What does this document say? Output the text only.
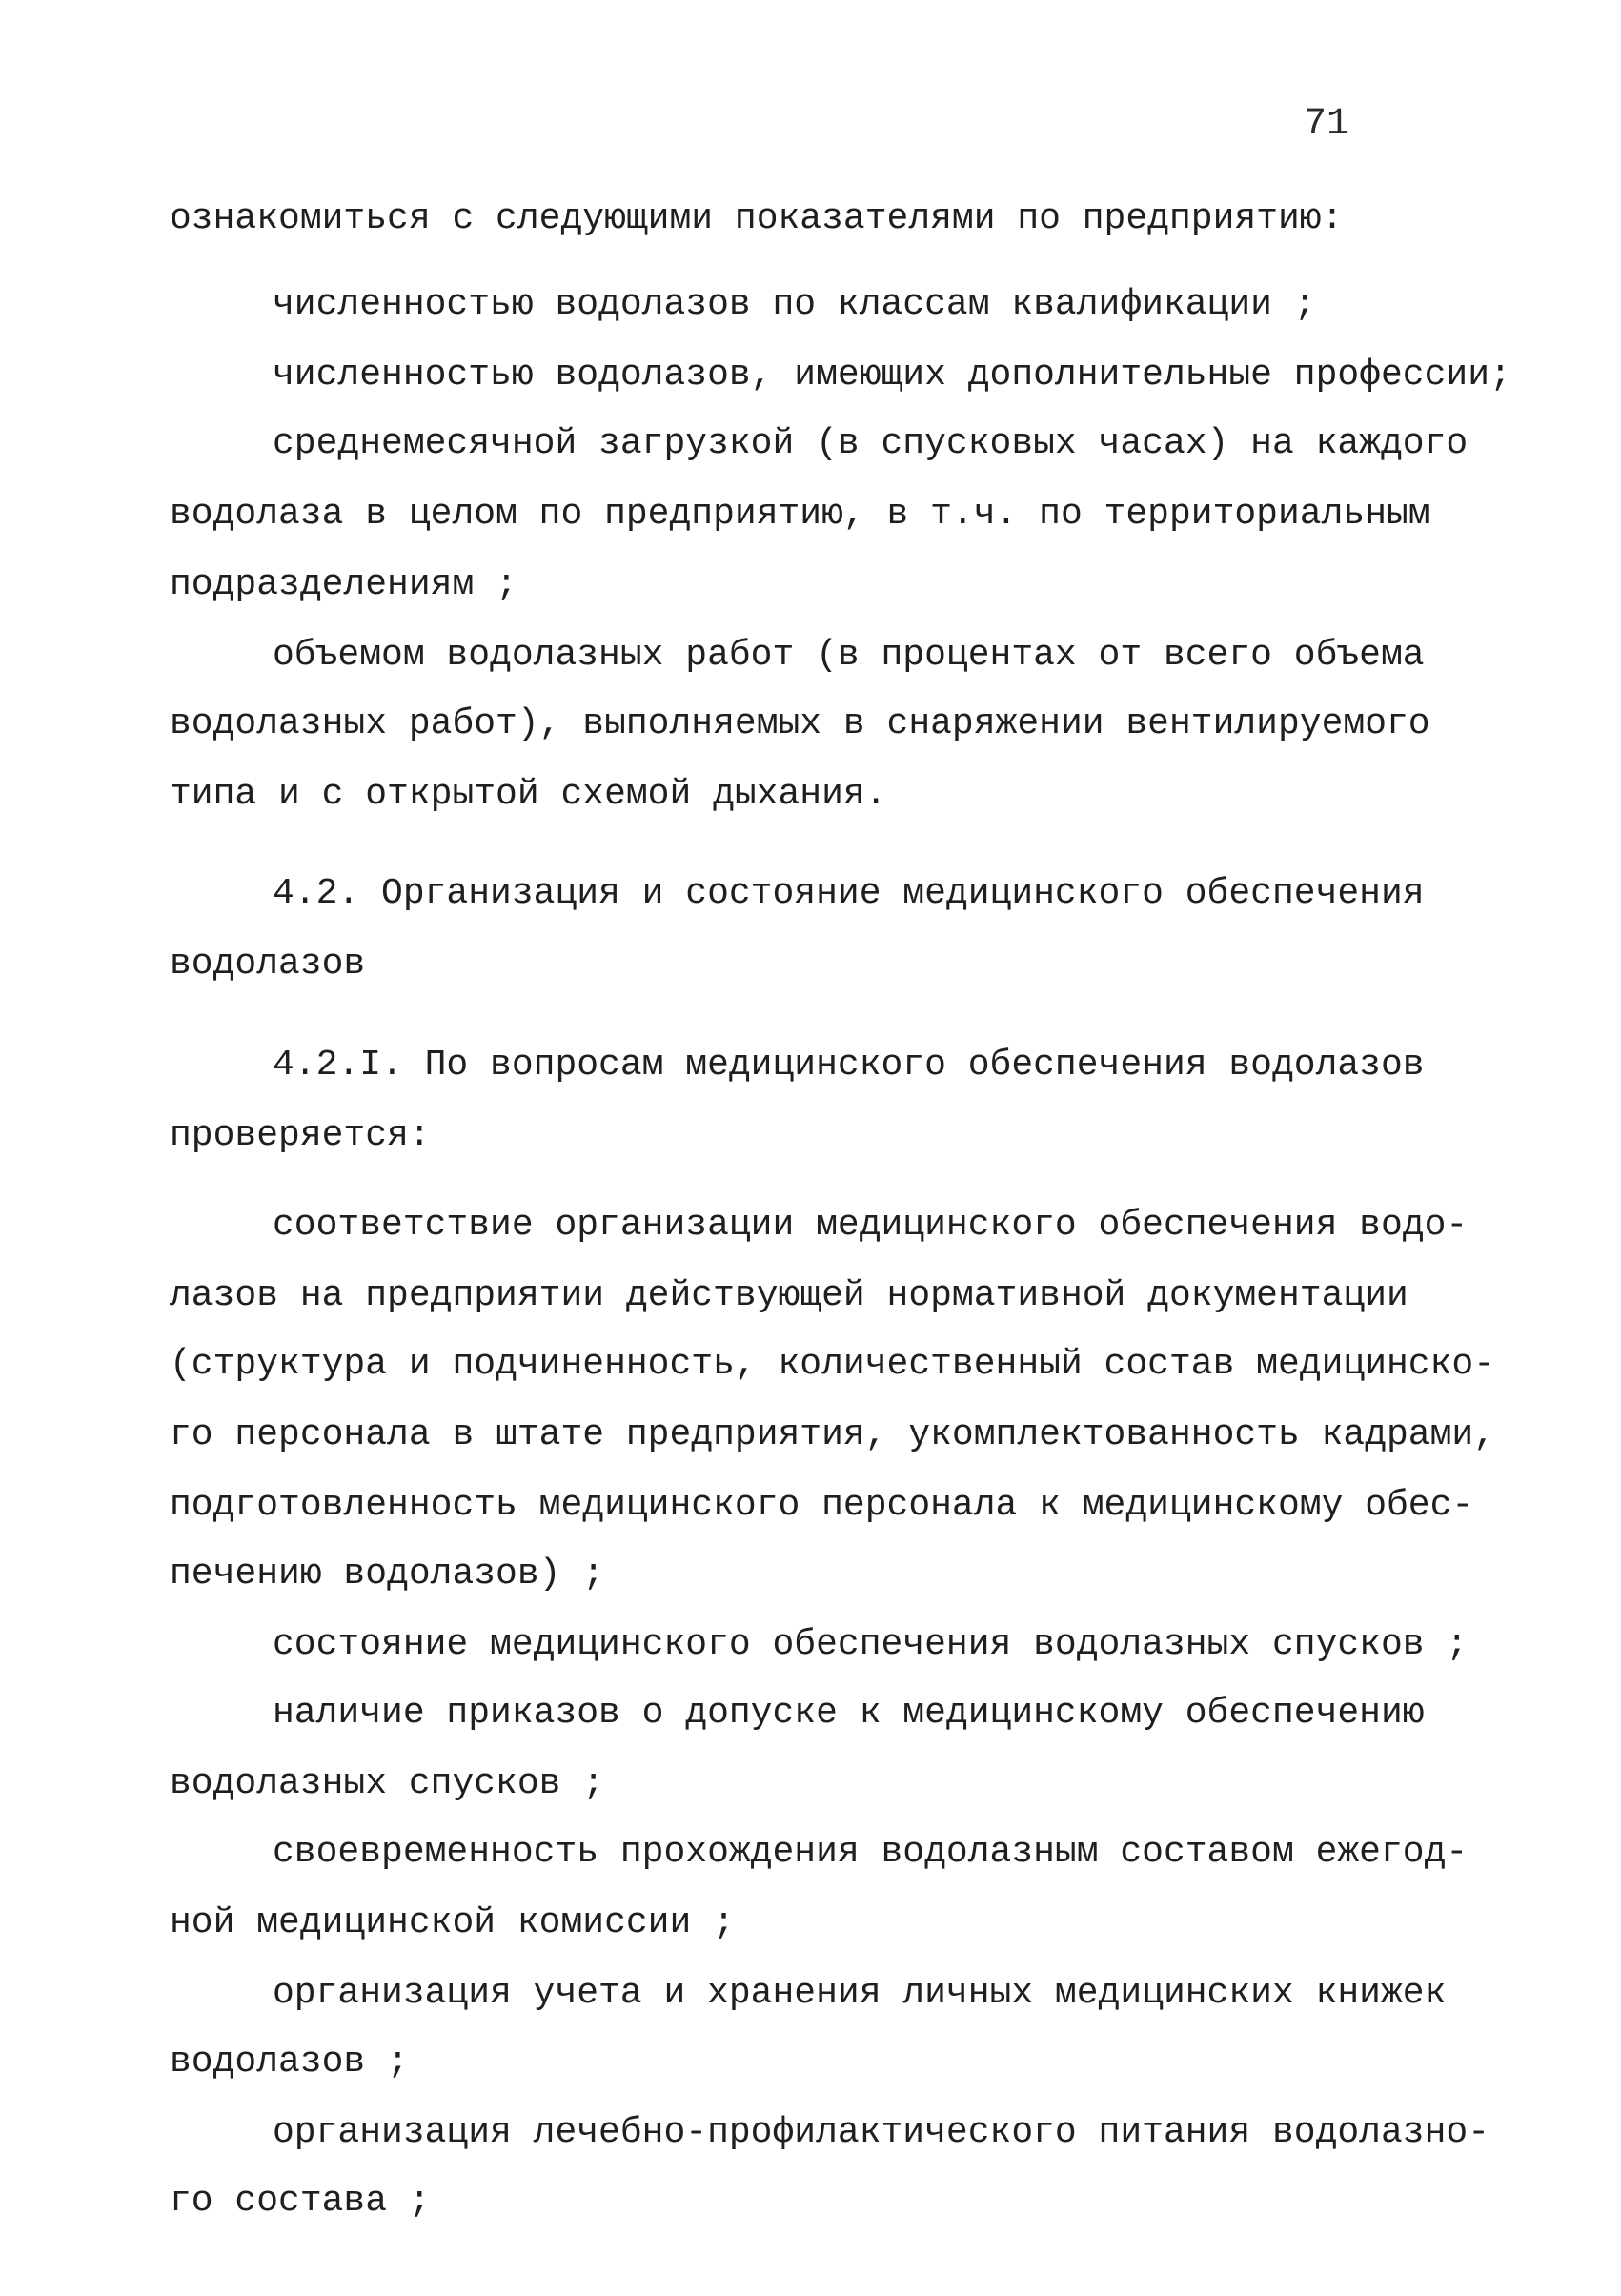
71
ознакомиться с следующими показателями по предприятию:
численностью водолазов по классам квалификации ;
численностью водолазов, имеющих дополнительные профессии;
среднемесячной загрузкой (в спусковых часах) на каждого
водолаза в целом по предприятию, в т.ч. по территориальным
подразделениям ;
объемом водолазных работ (в процентах от всего объема
водолазных работ), выполняемых в снаряжении вентилируемого
типа и с открытой схемой дыхания.
4.2. Организация и состояние медицинского обеспечения
водолазов
4.2.I. По вопросам медицинского обеспечения водолазов
проверяется:
соответствие организации медицинского обеспечения водо-
лазов на предприятии действующей нормативной документации
(структура и подчиненность, количественный состав медицинско-
го персонала в штате предприятия, укомплектованность кадрами,
подготовленность медицинского персонала к медицинскому обес-
печению водолазов) ;
состояние медицинского обеспечения водолазных спусков ;
наличие приказов о допуске к медицинскому обеспечению
водолазных спусков ;
своевременность прохождения водолазным составом ежегод-
ной медицинской комиссии ;
организация учета и хранения личных медицинских книжек
водолазов ;
организация лечебно-профилактического питания водолазно-
го состава ;
